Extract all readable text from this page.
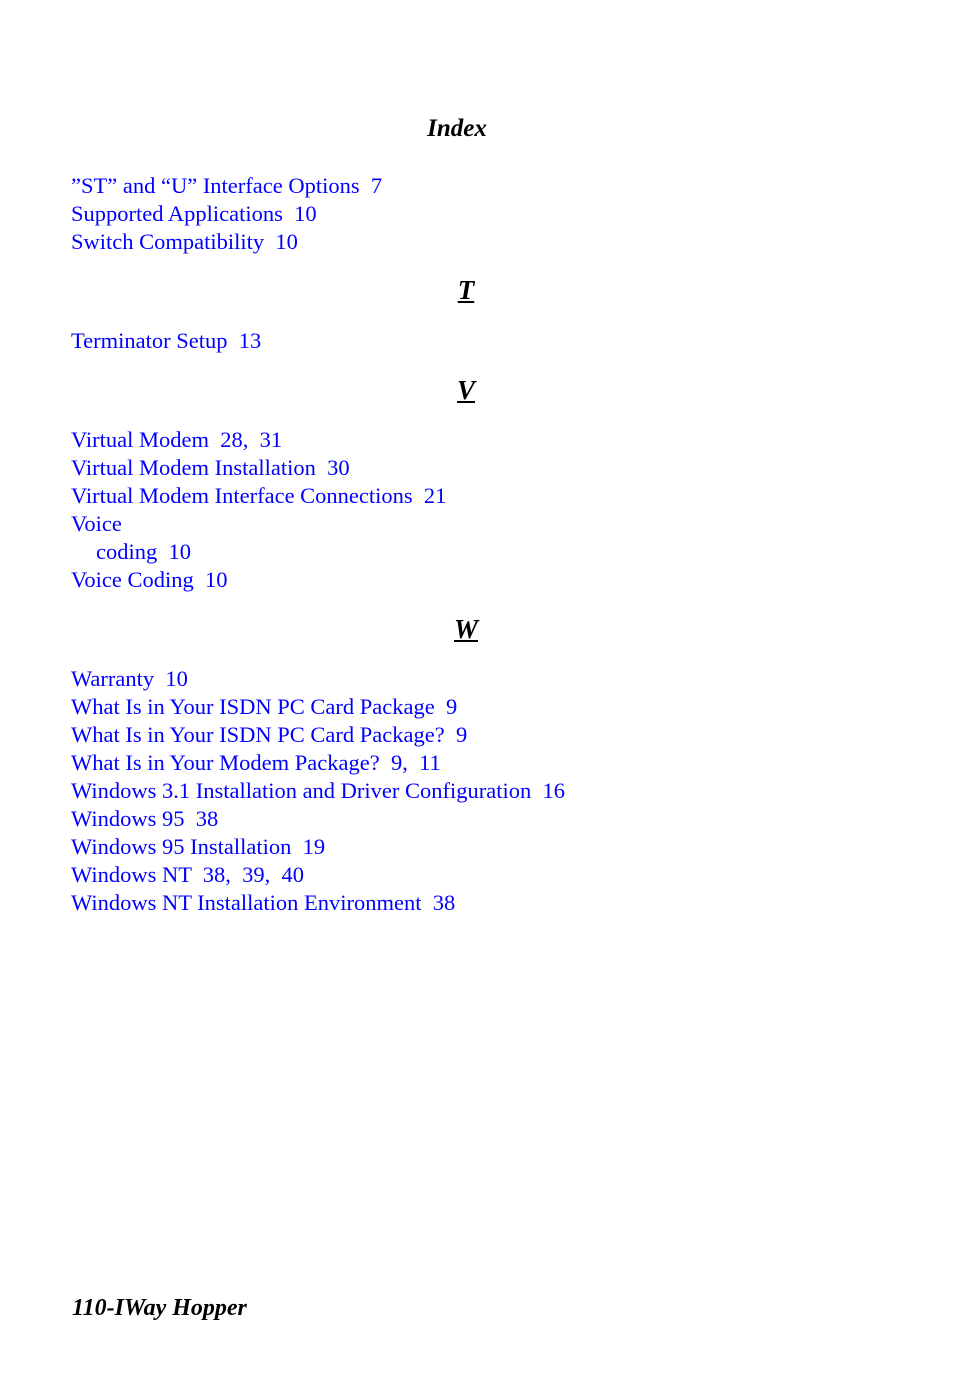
Index
”ST” and “U” Interface Options  7
Supported Applications  10
Switch Compatibility  10
T
Terminator Setup  13
V
Virtual Modem  28,  31
Virtual Modem Installation  30
Virtual Modem Interface Connections  21
Voice
coding  10
Voice Coding  10
W
Warranty  10
What Is in Your ISDN PC Card Package  9
What Is in Your ISDN PC Card Package?  9
What Is in Your Modem Package?  9,  11
Windows 3.1 Installation and Driver Configuration  16
Windows 95  38
Windows 95 Installation  19
Windows NT  38,  39,  40
Windows NT Installation Environment  38
110-IWay Hopper
